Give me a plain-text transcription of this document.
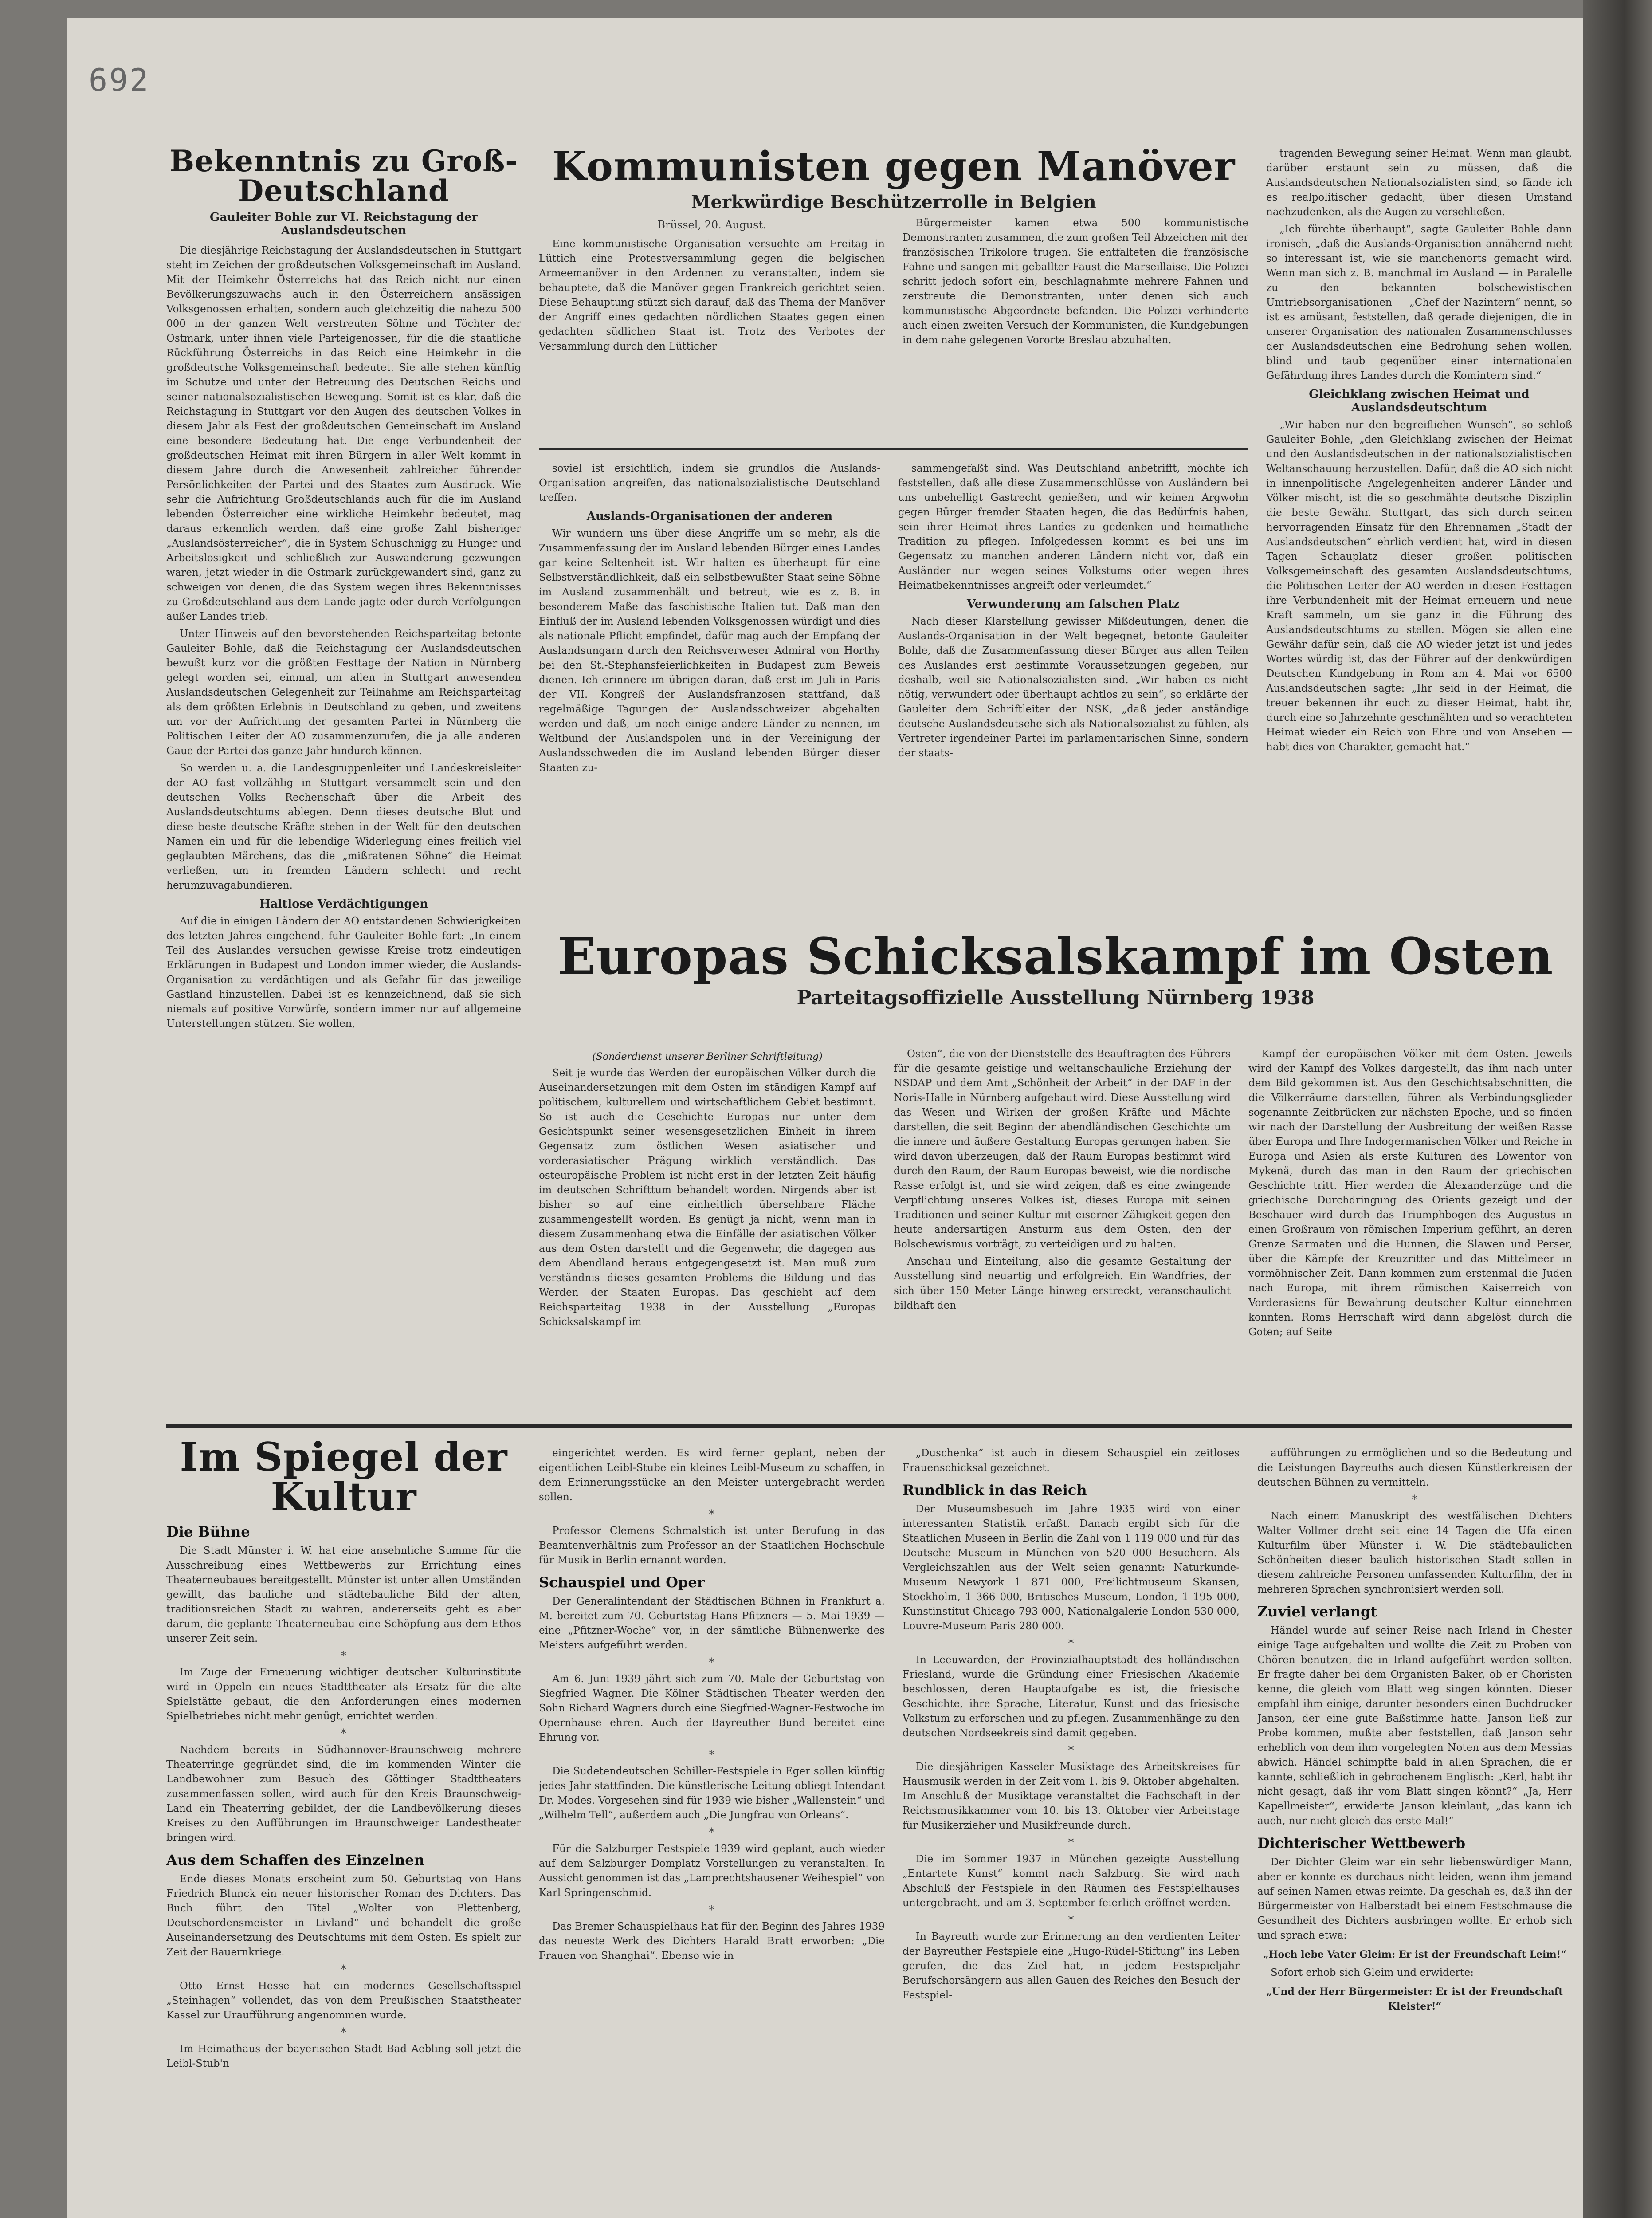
692
Bekenntnis zu Groß-Deutschland
Gauleiter Bohle zur VI. Reichstagung der Auslandsdeutschen

Die diesjährige Reichstagung der Auslandsdeutschen in Stuttgart steht im Zeichen der großdeutschen Volksgemeinschaft im Ausland. Mit der Heimkehr Österreichs hat das Reich nicht nur einen Bevölkerungszuwachs auch in den Österreichern ansässigen Volksgenossen erhalten, sondern auch gleichzeitig die nahezu 500 000 in der ganzen Welt verstreuten Söhne und Töchter der Ostmark, unter ihnen viele Parteigenossen, für die die staatliche Rückführung Österreichs in das Reich eine Heimkehr in die großdeutsche Volksgemeinschaft bedeutet. Sie alle stehen künftig im Schutze und unter der Betreuung des Deutschen Reichs und seiner nationalsozialistischen Bewegung. Somit ist es klar, daß die Reichstagung in Stuttgart vor den Augen des deutschen Volkes in diesem Jahr als Fest der großdeutschen Gemeinschaft im Ausland eine besondere Bedeutung hat. Die enge Verbundenheit der großdeutschen Heimat mit ihren Bürgern in aller Welt kommt in diesem Jahre durch die Anwesenheit zahlreicher führender Persönlichkeiten der Partei und des Staates zum Ausdruck. Wie sehr die Aufrichtung Großdeutschlands auch für die im Ausland lebenden Österreicher eine wirkliche Heimkehr bedeutet, mag daraus erkennlich werden, daß eine große Zahl bisheriger „Auslandsösterreicher“, die in System Schuschnigg zu Hunger und Arbeitslosigkeit und schließlich zur Auswanderung gezwungen waren, jetzt wieder in die Ostmark zurückgewandert sind, ganz zu schweigen von denen, die das System wegen ihres Bekenntnisses zu Großdeutschland aus dem Lande jagte oder durch Verfolgungen außer Landes trieb.

Unter Hinweis auf den bevorstehenden Reichsparteitag betonte Gauleiter Bohle, daß die Reichstagung der Auslandsdeutschen bewußt kurz vor die größten Festtage der Nation in Nürnberg gelegt worden sei, einmal, um allen in Stuttgart anwesenden Auslandsdeutschen Gelegenheit zur Teilnahme am Reichsparteitag als dem größten Erlebnis in Deutschland zu geben, und zweitens um vor der Aufrichtung der gesamten Partei in Nürnberg die Politischen Leiter der AO zusammenzurufen, die ja alle anderen Gaue der Partei das ganze Jahr hindurch können.

So werden u. a. die Landesgruppenleiter und Landeskreisleiter der AO fast vollzählig in Stuttgart versammelt sein und den deutschen Volks Rechenschaft über die Arbeit des Auslandsdeutschtums ablegen. Denn dieses deutsche Blut und diese beste deutsche Kräfte stehen in der Welt für den deutschen Namen ein und für die lebendige Widerlegung eines freilich viel geglaubten Märchens, das die „mißratenen Söhne“ die Heimat verließen, um in fremden Ländern schlecht und recht herumzuvagabundieren.

Haltlose Verdächtigungen

Auf die in einigen Ländern der AO entstandenen Schwierigkeiten des letzten Jahres eingehend, fuhr Gauleiter Bohle fort: „In einem Teil des Auslandes versuchen gewisse Kreise trotz eindeutigen Erklärungen in Budapest und London immer wieder, die Auslands-Organisation zu verdächtigen und als Gefahr für das jeweilige Gastland hinzustellen. Dabei ist es kennzeichnend, daß sie sich niemals auf positive Vorwürfe, sondern immer nur auf allgemeine Unterstellungen stützen. Sie wollen,

Kommunisten gegen Manöver
Merkwürdige Beschützerrolle in Belgien
Brüssel, 20. August.

Eine kommunistische Organisation versuchte am Freitag in Lüttich eine Protestversammlung gegen die belgischen Armeemanöver in den Ardennen zu veranstalten, indem sie behauptete, daß die Manöver gegen Frankreich gerichtet seien. Diese Behauptung stützt sich darauf, daß das Thema der Manöver der Angriff eines gedachten nördlichen Staates gegen einen gedachten südlichen Staat ist. Trotz des Verbotes der Versammlung durch den Lütticher

Bürgermeister kamen etwa 500 kommunistische Demonstranten zusammen, die zum großen Teil Abzeichen mit der französischen Trikolore trugen. Sie entfalteten die französische Fahne und sangen mit geballter Faust die Marseillaise. Die Polizei schritt jedoch sofort ein, beschlagnahmte mehrere Fahnen und zerstreute die Demonstranten, unter denen sich auch kommunistische Abgeordnete befanden. Die Polizei verhinderte auch einen zweiten Versuch der Kommunisten, die Kundgebungen in dem nahe gelegenen Vororte Breslau abzuhalten.

soviel ist ersichtlich, indem sie grundlos die Auslands-Organisation angreifen, das nationalsozialistische Deutschland treffen.

Auslands-Organisationen der anderen

Wir wundern uns über diese Angriffe um so mehr, als die Zusammenfassung der im Ausland lebenden Bürger eines Landes gar keine Seltenheit ist. Wir halten es überhaupt für eine Selbstverständlichkeit, daß ein selbstbewußter Staat seine Söhne im Ausland zusammenhält und betreut, wie es z. B. in besonderem Maße das faschistische Italien tut. Daß man den Einfluß der im Ausland lebenden Volksgenossen würdigt und dies als nationale Pflicht empfindet, dafür mag auch der Empfang der Auslandsungarn durch den Reichsverweser Admiral von Horthy bei den St.-Stephansfeierlichkeiten in Budapest zum Beweis dienen. Ich erinnere im übrigen daran, daß erst im Juli in Paris der VII. Kongreß der Auslandsfranzosen stattfand, daß regelmäßige Tagungen der Auslandsschweizer abgehalten werden und daß, um noch einige andere Länder zu nennen, im Weltbund der Auslandspolen und in der Vereinigung der Auslandsschweden die im Ausland lebenden Bürger dieser Staaten zu-

sammengefaßt sind. Was Deutschland anbetrifft, möchte ich feststellen, daß alle diese Zusammenschlüsse von Ausländern bei uns unbehelligt Gastrecht genießen, und wir keinen Argwohn gegen Bürger fremder Staaten hegen, die das Bedürfnis haben, sein ihrer Heimat ihres Landes zu gedenken und heimatliche Tradition zu pflegen. Infolgedessen kommt es bei uns im Gegensatz zu manchen anderen Ländern nicht vor, daß ein Ausländer nur wegen seines Volkstums oder wegen ihres Heimatbekenntnisses angreift oder verleumdet.“

Verwunderung am falschen Platz

Nach dieser Klarstellung gewisser Mißdeutungen, denen die Auslands-Organisation in der Welt begegnet, betonte Gauleiter Bohle, daß die Zusammenfassung dieser Bürger aus allen Teilen des Auslandes erst bestimmte Voraussetzungen gegeben, nur deshalb, weil sie Nationalsozialisten sind. „Wir haben es nicht nötig, verwundert oder überhaupt achtlos zu sein“, so erklärte der Gauleiter dem Schriftleiter der NSK, „daß jeder anständige deutsche Auslandsdeutsche sich als Nationalsozialist zu fühlen, als Vertreter irgendeiner Partei im parlamentarischen Sinne, sondern der staats-

tragenden Bewegung seiner Heimat. Wenn man glaubt, darüber erstaunt sein zu müssen, daß die Auslandsdeutschen Nationalsozialisten sind, so fände ich es realpolitischer gedacht, über diesen Umstand nachzudenken, als die Augen zu verschließen.

„Ich fürchte überhaupt“, sagte Gauleiter Bohle dann ironisch, „daß die Auslands-Organisation annähernd nicht so interessant ist, wie sie manchenorts gemacht wird. Wenn man sich z. B. manchmal im Ausland — in Paralelle zu den bekannten bolschewistischen Umtriebsorganisationen — „Chef der Nazintern“ nennt, so ist es amüsant, feststellen, daß gerade diejenigen, die in unserer Organisation des nationalen Zusammenschlusses der Auslandsdeutschen eine Bedrohung sehen wollen, blind und taub gegenüber einer internationalen Gefährdung ihres Landes durch die Komintern sind.“

Gleichklang zwischen Heimat und Auslandsdeutschtum

„Wir haben nur den begreiflichen Wunsch“, so schloß Gauleiter Bohle, „den Gleichklang zwischen der Heimat und den Auslandsdeutschen in der nationalsozialistischen Weltanschauung herzustellen. Dafür, daß die AO sich nicht in innenpolitische Angelegenheiten anderer Länder und Völker mischt, ist die so geschmähte deutsche Disziplin die beste Gewähr. Stuttgart, das sich durch seinen hervorragenden Einsatz für den Ehrennamen „Stadt der Auslandsdeutschen“ ehrlich verdient hat, wird in diesen Tagen Schauplatz dieser großen politischen Volksgemeinschaft des gesamten Auslandsdeutschtums, die Politischen Leiter der AO werden in diesen Festtagen ihre Verbundenheit mit der Heimat erneuern und neue Kraft sammeln, um sie ganz in die Führung des Auslandsdeutschtums zu stellen. Mögen sie allen eine Gewähr dafür sein, daß die AO wieder jetzt ist und jedes Wortes würdig ist, das der Führer auf der denkwürdigen Deutschen Kundgebung in Rom am 4. Mai vor 6500 Auslandsdeutschen sagte: „Ihr seid in der Heimat, die treuer bekennen ihr euch zu dieser Heimat, habt ihr, durch eine so Jahrzehnte geschmähten und so verachteten Heimat wieder ein Reich von Ehre und von Ansehen — habt dies von Charakter, gemacht hat.“

Europas Schicksalskampf im Osten
Parteitagsoffizielle Ausstellung Nürnberg 1938
(Sonderdienst unserer Berliner Schriftleitung)

Seit je wurde das Werden der europäischen Völker durch die Auseinandersetzungen mit dem Osten im ständigen Kampf auf politischem, kulturellem und wirtschaftlichem Gebiet bestimmt. So ist auch die Geschichte Europas nur unter dem Gesichtspunkt seiner wesensgesetzlichen Einheit in ihrem Gegensatz zum östlichen Wesen asiatischer und vorderasiatischer Prägung wirklich verständlich. Das osteuropäische Problem ist nicht erst in der letzten Zeit häufig im deutschen Schrifttum behandelt worden. Nirgends aber ist bisher so auf eine einheitlich übersehbare Fläche zusammengestellt worden. Es genügt ja nicht, wenn man in diesem Zusammenhang etwa die Einfälle der asiatischen Völker aus dem Osten darstellt und die Gegenwehr, die dagegen aus dem Abendland heraus entgegengesetzt ist. Man muß zum Verständnis dieses gesamten Problems die Bildung und das Werden der Staaten Europas. Das geschieht auf dem Reichsparteitag 1938 in der Ausstellung „Europas Schicksalskampf im

Osten“, die von der Dienststelle des Beauftragten des Führers für die gesamte geistige und weltanschauliche Erziehung der NSDAP und dem Amt „Schönheit der Arbeit“ in der DAF in der Noris-Halle in Nürnberg aufgebaut wird. Diese Ausstellung wird das Wesen und Wirken der großen Kräfte und Mächte darstellen, die seit Beginn der abendländischen Geschichte um die innere und äußere Gestaltung Europas gerungen haben. Sie wird davon überzeugen, daß der Raum Europas bestimmt wird durch den Raum, der Raum Europas beweist, wie die nordische Rasse erfolgt ist, und sie wird zeigen, daß es eine zwingende Verpflichtung unseres Volkes ist, dieses Europa mit seinen Traditionen und seiner Kultur mit eiserner Zähigkeit gegen den heute andersartigen Ansturm aus dem Osten, den der Bolschewismus vorträgt, zu verteidigen und zu halten.

Anschau und Einteilung, also die gesamte Gestaltung der Ausstellung sind neuartig und erfolgreich. Ein Wandfries, der sich über 150 Meter Länge hinweg erstreckt, veranschaulicht bildhaft den

Kampf der europäischen Völker mit dem Osten. Jeweils wird der Kampf des Volkes dargestellt, das ihm nach unter dem Bild gekommen ist. Aus den Geschichtsabschnitten, die die Völkerräume darstellen, führen als Verbindungsglieder sogenannte Zeitbrücken zur nächsten Epoche, und so finden wir nach der Darstellung der Ausbreitung der weißen Rasse über Europa und Ihre Indogermanischen Völker und Reiche in Europa und Asien als erste Kulturen des Löwentor von Mykenä, durch das man in den Raum der griechischen Geschichte tritt. Hier werden die Alexanderzüge und die griechische Durchdringung des Orients gezeigt und der Beschauer wird durch das Triumphbogen des Augustus in einen Großraum von römischen Imperium geführt, an deren Grenze Sarmaten und die Hunnen, die Slawen und Perser, über die Kämpfe der Kreuzritter und das Mittelmeer in vormöhnischer Zeit. Dann kommen zum erstenmal die Juden nach Europa, mit ihrem römischen Kaiserreich von Vorderasiens für Bewahrung deutscher Kultur einnehmen konnten. Roms Herrschaft wird dann abgelöst durch die Goten; auf Seite

Im Spiegel der Kultur
Die Bühne

Die Stadt Münster i. W. hat eine ansehnliche Summe für die Ausschreibung eines Wettbewerbs zur Errichtung eines Theaterneubaues bereitgestellt. Münster ist unter allen Umständen gewillt, das bauliche und städtebauliche Bild der alten, traditionsreichen Stadt zu wahren, andererseits geht es aber darum, die geplante Theaterneubau eine Schöpfung aus dem Ethos unserer Zeit sein.

*

Im Zuge der Erneuerung wichtiger deutscher Kulturinstitute wird in Oppeln ein neues Stadttheater als Ersatz für die alte Spielstätte gebaut, die den Anforderungen eines modernen Spielbetriebes nicht mehr genügt, errichtet werden.

*

Nachdem bereits in Südhannover-Braunschweig mehrere Theaterringe gegründet sind, die im kommenden Winter die Landbewohner zum Besuch des Göttinger Stadttheaters zusammenfassen sollen, wird auch für den Kreis Braunschweig-Land ein Theaterring gebildet, der die Landbevölkerung dieses Kreises zu den Aufführungen im Braunschweiger Landestheater bringen wird.

Aus dem Schaffen des Einzelnen

Ende dieses Monats erscheint zum 50. Geburtstag von Hans Friedrich Blunck ein neuer historischer Roman des Dichters. Das Buch führt den Titel „Wolter von Plettenberg, Deutschordensmeister in Livland“ und behandelt die große Auseinandersetzung des Deutschtums mit dem Osten. Es spielt zur Zeit der Bauernkriege.

*

Otto Ernst Hesse hat ein modernes Gesellschaftsspiel „Steinhagen“ vollendet, das von dem Preußischen Staatstheater Kassel zur Uraufführung angenommen wurde.

*

Im Heimathaus der bayerischen Stadt Bad Aebling soll jetzt die Leibl-Stub'n

eingerichtet werden. Es wird ferner geplant, neben der eigentlichen Leibl-Stube ein kleines Leibl-Museum zu schaffen, in dem Erinnerungsstücke an den Meister untergebracht werden sollen.

*

Professor Clemens Schmalstich ist unter Berufung in das Beamtenverhältnis zum Professor an der Staatlichen Hochschule für Musik in Berlin ernannt worden.

Schauspiel und Oper

Der Generalintendant der Städtischen Bühnen in Frankfurt a. M. bereitet zum 70. Geburtstag Hans Pfitzners — 5. Mai 1939 — eine „Pfitzner-Woche“ vor, in der sämtliche Bühnenwerke des Meisters aufgeführt werden.

*

Am 6. Juni 1939 jährt sich zum 70. Male der Geburtstag von Siegfried Wagner. Die Kölner Städtischen Theater werden den Sohn Richard Wagners durch eine Siegfried-Wagner-Festwoche im Opernhause ehren. Auch der Bayreuther Bund bereitet eine Ehrung vor.

*

Die Sudetendeutschen Schiller-Festspiele in Eger sollen künftig jedes Jahr stattfinden. Die künstlerische Leitung obliegt Intendant Dr. Modes. Vorgesehen sind für 1939 wie bisher „Wallenstein“ und „Wilhelm Tell“, außerdem auch „Die Jungfrau von Orleans“.

*

Für die Salzburger Festspiele 1939 wird geplant, auch wieder auf dem Salzburger Domplatz Vorstellungen zu veranstalten. In Aussicht genommen ist das „Lamprechtshausener Weihespiel“ von Karl Springenschmid.

*

Das Bremer Schauspielhaus hat für den Beginn des Jahres 1939 das neueste Werk des Dichters Harald Bratt erworben: „Die Frauen von Shanghai“. Ebenso wie in

„Duschenka“ ist auch in diesem Schauspiel ein zeitloses Frauenschicksal gezeichnet.

Rundblick in das Reich

Der Museumsbesuch im Jahre 1935 wird von einer interessanten Statistik erfaßt. Danach ergibt sich für die Staatlichen Museen in Berlin die Zahl von 1 119 000 und für das Deutsche Museum in München von 520 000 Besuchern. Als Vergleichszahlen aus der Welt seien genannt: Naturkunde-Museum Newyork 1 871 000, Freilichtmuseum Skansen, Stockholm, 1 366 000, Britisches Museum, London, 1 195 000, Kunstinstitut Chicago 793 000, Nationalgalerie London 530 000, Louvre-Museum Paris 280 000.

*

In Leeuwarden, der Provinzialhauptstadt des holländischen Friesland, wurde die Gründung einer Friesischen Akademie beschlossen, deren Hauptaufgabe es ist, die friesische Geschichte, ihre Sprache, Literatur, Kunst und das friesische Volkstum zu erforschen und zu pflegen. Zusammenhänge zu den deutschen Nordseekreis sind damit gegeben.

*

Die diesjährigen Kasseler Musiktage des Arbeitskreises für Hausmusik werden in der Zeit vom 1. bis 9. Oktober abgehalten. Im Anschluß der Musiktage veranstaltet die Fachschaft in der Reichsmusikkammer vom 10. bis 13. Oktober vier Arbeitstage für Musikerzieher und Musikfreunde durch.

*

Die im Sommer 1937 in München gezeigte Ausstellung „Entartete Kunst“ kommt nach Salzburg. Sie wird nach Abschluß der Festspiele in den Räumen des Festspielhauses untergebracht. und am 3. September feierlich eröffnet werden.

*

In Bayreuth wurde zur Erinnerung an den verdienten Leiter der Bayreuther Festspiele eine „Hugo-Rüdel-Stiftung“ ins Leben gerufen, die das Ziel hat, in jedem Festspieljahr Berufschorsängern aus allen Gauen des Reiches den Besuch der Festspiel-

aufführungen zu ermöglichen und so die Bedeutung und die Leistungen Bayreuths auch diesen Künstlerkreisen der deutschen Bühnen zu vermitteln.

*

Nach einem Manuskript des westfälischen Dichters Walter Vollmer dreht seit eine 14 Tagen die Ufa einen Kulturfilm über Münster i. W. Die städtebaulichen Schönheiten dieser baulich historischen Stadt sollen in diesem zahlreiche Personen umfassenden Kulturfilm, der in mehreren Sprachen synchronisiert werden soll.

Zuviel verlangt

Händel wurde auf seiner Reise nach Irland in Chester einige Tage aufgehalten und wollte die Zeit zu Proben von Chören benutzen, die in Irland aufgeführt werden sollten. Er fragte daher bei dem Organisten Baker, ob er Choristen kenne, die gleich vom Blatt weg singen könnten. Dieser empfahl ihm einige, darunter besonders einen Buchdrucker Janson, der eine gute Baßstimme hatte. Janson ließ zur Probe kommen, mußte aber feststellen, daß Janson sehr erheblich von dem ihm vorgelegten Noten aus dem Messias abwich. Händel schimpfte bald in allen Sprachen, die er kannte, schließlich in gebrochenem Englisch: „Kerl, habt ihr nicht gesagt, daß ihr vom Blatt singen könnt?“ „Ja, Herr Kapellmeister“, erwiderte Janson kleinlaut, „das kann ich auch, nur nicht gleich das erste Mal!“

Dichterischer Wettbewerb

Der Dichter Gleim war ein sehr liebenswürdiger Mann, aber er konnte es durchaus nicht leiden, wenn ihm jemand auf seinen Namen etwas reimte. Da geschah es, daß ihn der Bürgermeister von Halberstadt bei einem Festschmause die Gesundheit des Dichters ausbringen wollte. Er erhob sich und sprach etwa:

„Hoch lebe Vater Gleim: Er ist der Freundschaft Leim!“

Sofort erhob sich Gleim und erwiderte:

„Und der Herr Bürgermeister: Er ist der Freundschaft Kleister!“
